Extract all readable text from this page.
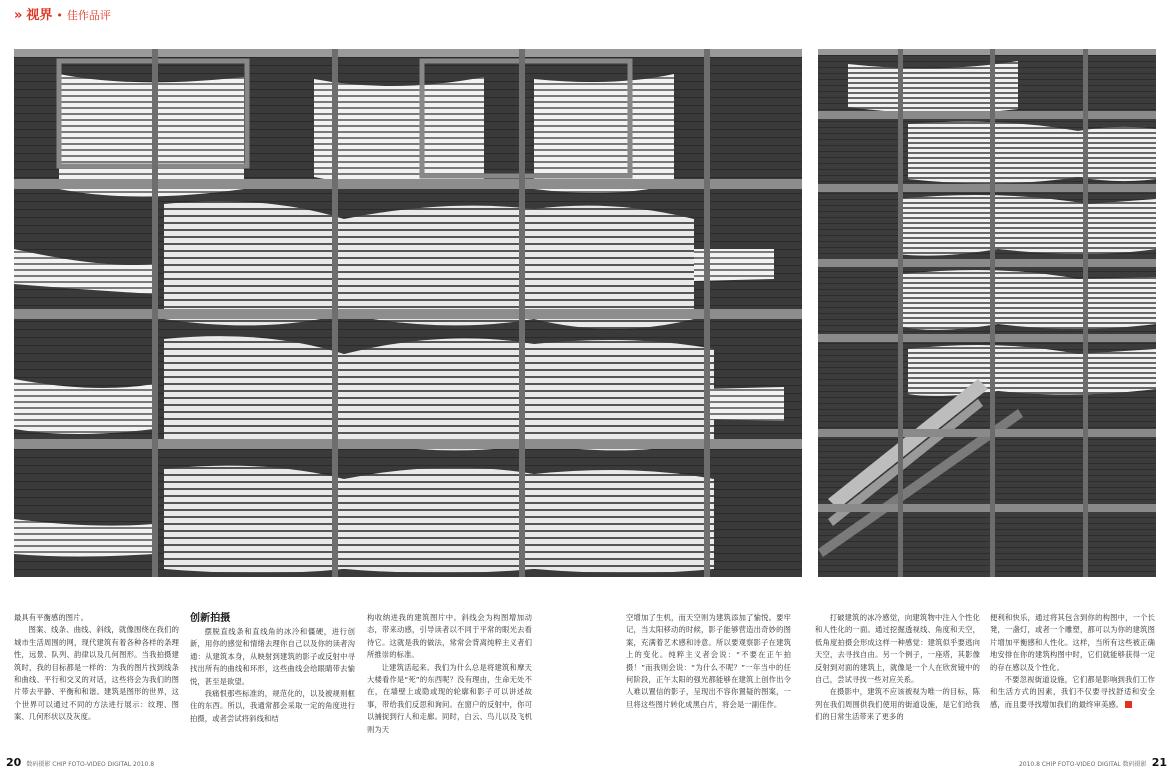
» 视界 • 佳作品评

最具有平衡感的图片。

图案、线条、曲线、斜线，就像围绕在我们的城市生活周围的网，现代建筑有着各种各样的条理性，远景、队列、韵律以及几何图形。当我拍摄建筑时，我的目标都是一样的：为我的图片找到线条和曲线、平行和交叉的对话，这些将会为我们的图片带去平静、平衡和和谐。建筑是图形的世界，这个世界可以通过不同的方法进行展示：纹理、图案、几何形状以及灰度。

创新拍摄

摆脱直线条和直线角的冰冷和僵硬，进行创新，用你的感觉和情绪去理你自己以及你的读者沟通：从建筑本身，从映射到建筑的影子或反射中寻找出所有的曲线和环形，这些曲线会给眼睛带去愉悦，甚至是欲望。

我痛恨那些标准的，规范化的，以及被规则框住的东西。所以，我通常都会采取一定的角度进行拍摄，或者尝试将斜线和结

构收纳进我的建筑图片中。斜线会为构图增加动态，带来动感，引导读者以不同于平常的眼光去看待它。这就是我的做法，常常会背离纯粹主义者们所推崇的标准。

让建筑活起来。我们为什么总是将建筑和摩天大楼看作是“死”的东西呢？没有理由，生命无处不在，在墙壁上或隐或现的轮廓和影子可以讲述故事，带给我们反思和询问。在窗户的反射中，你可以捕捉到行人和走廊。同时，白云、鸟儿以及飞机则为天

空增加了生机，而天空则为建筑添加了愉悦。要牢记，当太阳移动的时候，影子能够营造出奇妙的图案，充满着艺术感和诗意。所以要观察影子在建筑上的变化。纯粹主义者会说：“不要在正午拍摄！”而我则会说：“为什么不呢？”一年当中的任何阶段，正午太阳的强光都能够在建筑上创作出令人难以置信的影子，呈现出不容你置疑的图案，一旦将这些图片转化成黑白片，将会是一副佳作。

打破建筑的冰冷感觉，向建筑物中注入个性化和人性化的一面。通过挖掘透视线、角度和天空，低角度拍摄会形成这样一种感觉：建筑似乎要逃向天空，去寻找自由。另一个例子，一座塔，其影像反射到对面的建筑上，就像是一个人在欣赏镜中的自己，尝试寻找一些对应关系。

在摄影中，建筑不应该被视为唯一的目标，陈列在我们周围供我们使用的街道设施，是它们给我们的日常生活带来了更多的

便利和快乐，通过将其包含到你的构图中，一个长凳，一盏灯，或者一个雕塑，都可以为你的建筑图片增加平衡感和人性化。这样，当所有这些被正确地安排在你的建筑构图中时，它们就能够获得一定的存在感以及个性化。

不要忽视街道设施，它们都是影响到我们工作和生活方式的因素，我们不仅要寻找舒适和安全感，而且要寻找增加我们的最终审美感。

20 数码摄影 CHIP FOTO-VIDEO DIGITAL 2010.8	2010.8 CHIP FOTO-VIDEO DIGITAL 数码摄影 21
